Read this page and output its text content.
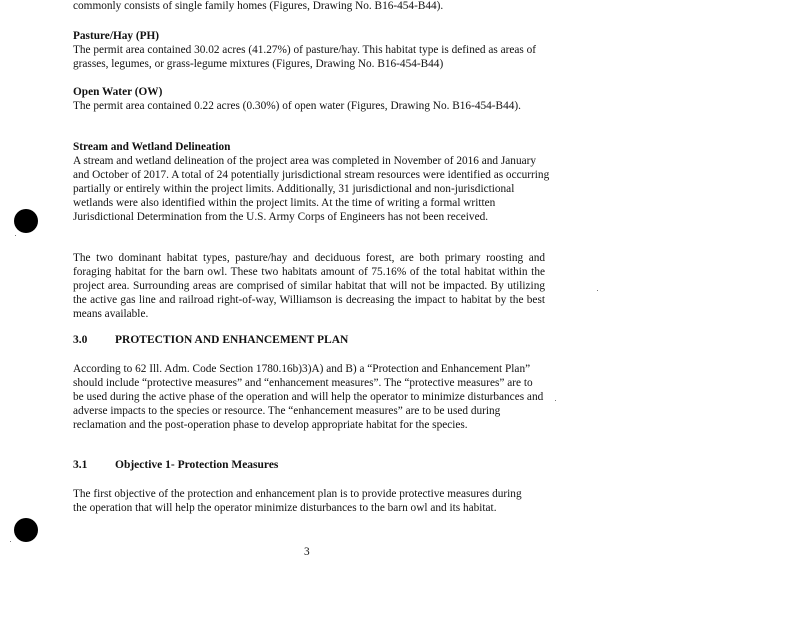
commonly consists of single family homes (Figures, Drawing No. B16-454-B44).

Pasture/Hay (PH)

The permit area contained 30.02 acres (41.27%) of pasture/hay. This habitat type is defined as areas of grasses, legumes, or grass-legume mixtures (Figures, Drawing No. B16-454-B44)

Open Water (OW)

The permit area contained 0.22 acres (0.30%) of open water (Figures, Drawing No. B16-454-B44).

Stream and Wetland Delineation

A stream and wetland delineation of the project area was completed in November of 2016 and January and October of 2017. A total of 24 potentially jurisdictional stream resources were identified as occurring partially or entirely within the project limits. Additionally, 31 jurisdictional and non-jurisdictional wetlands were also identified within the project limits. At the time of writing a formal written Jurisdictional Determination from the U.S. Army Corps of Engineers has not been received.

The two dominant habitat types, pasture/hay and deciduous forest, are both primary roosting and foraging habitat for the barn owl. These two habitats amount of 75.16% of the total habitat within the project area. Surrounding areas are comprised of similar habitat that will not be impacted. By utilizing the active gas line and railroad right-of-way, Williamson is decreasing the impact to habitat by the best means available.

3.0 PROTECTION AND ENHANCEMENT PLAN

According to 62 Ill. Adm. Code Section 1780.16b)3)A) and B) a “Protection and Enhancement Plan” should include “protective measures” and “enhancement measures”. The “protective measures” are to be used during the active phase of the operation and will help the operator to minimize disturbances and adverse impacts to the species or resource. The “enhancement measures” are to be used during reclamation and the post-operation phase to develop appropriate habitat for the species.

3.1 Objective 1- Protection Measures

The first objective of the protection and enhancement plan is to provide protective measures during the operation that will help the operator minimize disturbances to the barn owl and its habitat.

3
